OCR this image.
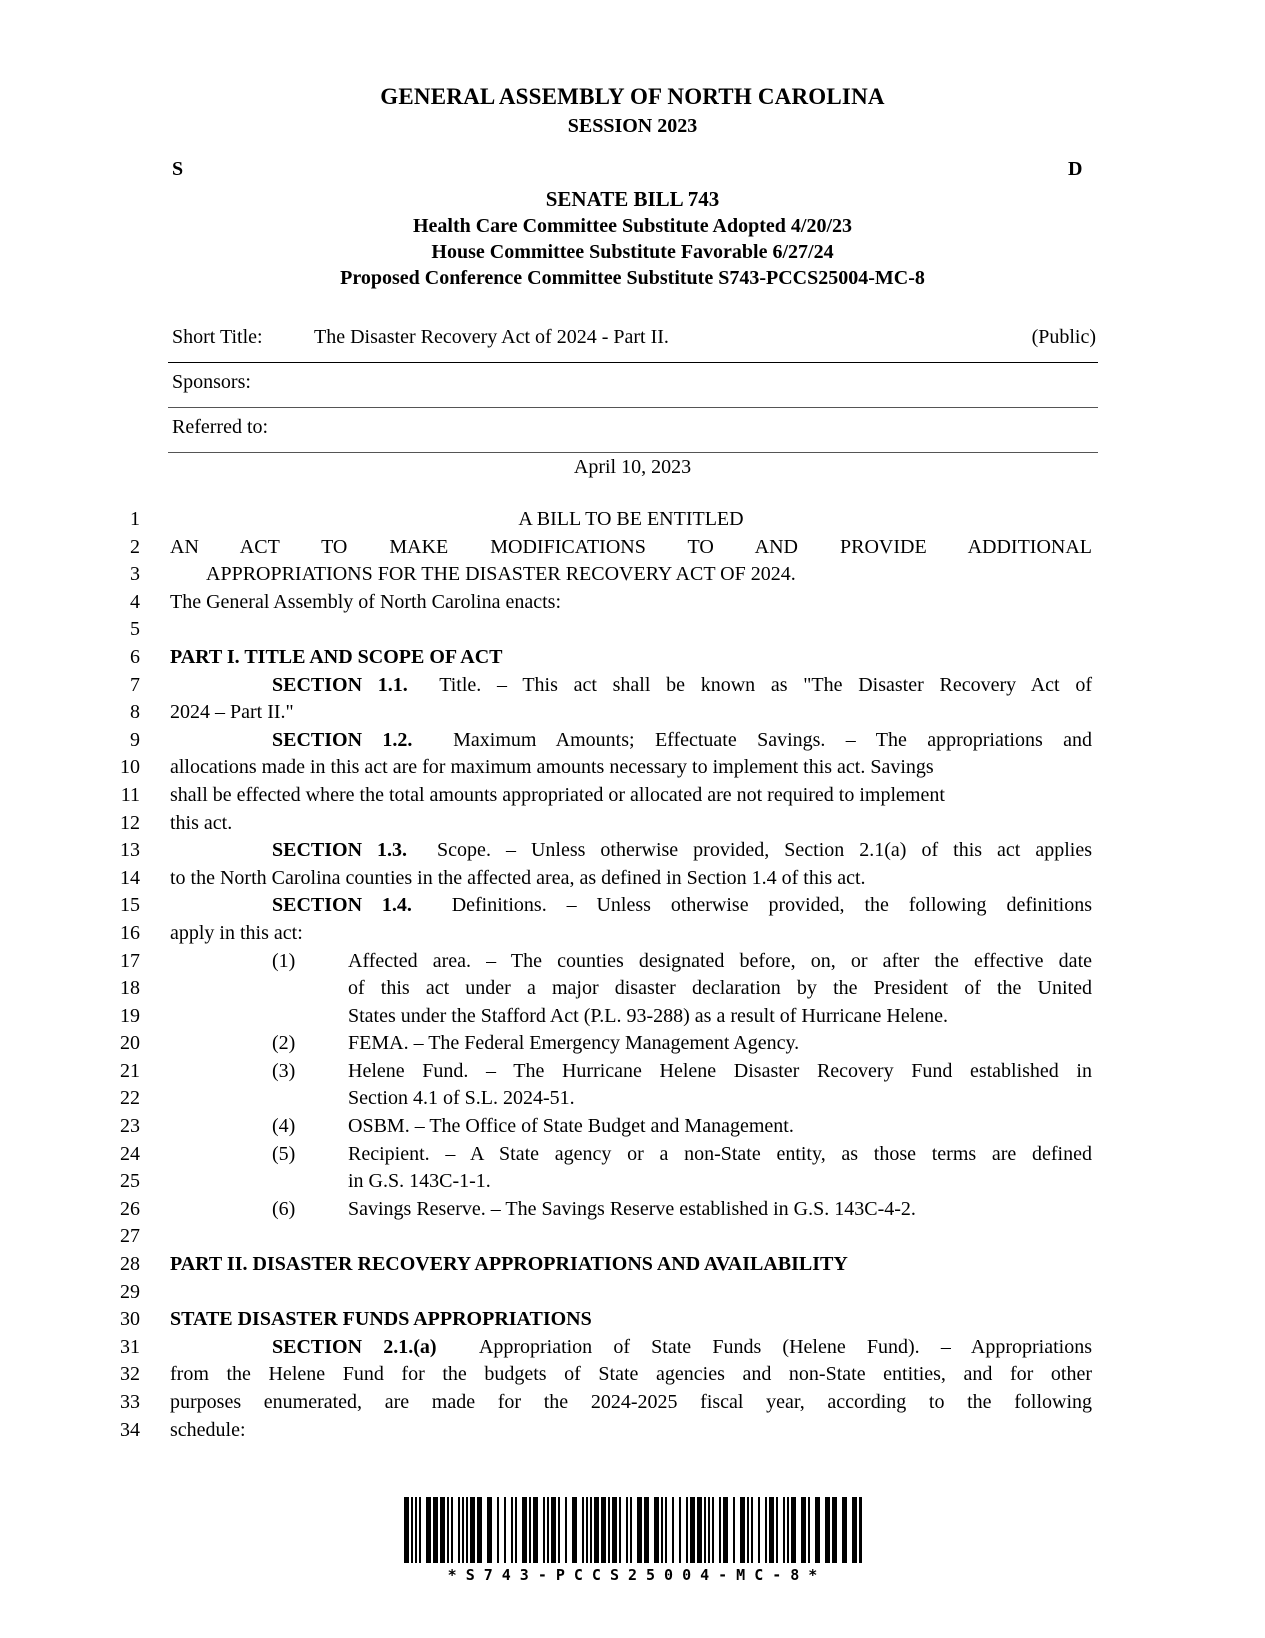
GENERAL ASSEMBLY OF NORTH CAROLINA
SESSION 2023
S	D
SENATE BILL 743
Health Care Committee Substitute Adopted 4/20/23
House Committee Substitute Favorable 6/27/24
Proposed Conference Committee Substitute S743-PCCS25004-MC-8
Short Title:	The Disaster Recovery Act of 2024 - Part II.	(Public)
Sponsors:
Referred to:
April 10, 2023
1	A BILL TO BE ENTITLED
2 AN ACT TO MAKE MODIFICATIONS TO AND PROVIDE ADDITIONAL
3	APPROPRIATIONS FOR THE DISASTER RECOVERY ACT OF 2024.
4 The General Assembly of North Carolina enacts:
5
6 PART I. TITLE AND SCOPE OF ACT
7	SECTION 1.1.  Title. – This act shall be known as "The Disaster Recovery Act of
8 2024 – Part II."
9	SECTION 1.2.  Maximum Amounts; Effectuate Savings. – The appropriations and
10 allocations made in this act are for maximum amounts necessary to implement this act. Savings
11 shall be effected where the total amounts appropriated or allocated are not required to implement
12 this act.
13	SECTION 1.3.  Scope. – Unless otherwise provided, Section 2.1(a) of this act applies
14 to the North Carolina counties in the affected area, as defined in Section 1.4 of this act.
15	SECTION 1.4.  Definitions. – Unless otherwise provided, the following definitions
16 apply in this act:
17	(1)	Affected area. – The counties designated before, on, or after the effective date
18	of this act under a major disaster declaration by the President of the United
19	States under the Stafford Act (P.L. 93-288) as a result of Hurricane Helene.
20	(2)	FEMA. – The Federal Emergency Management Agency.
21	(3)	Helene Fund. – The Hurricane Helene Disaster Recovery Fund established in
22	Section 4.1 of S.L. 2024-51.
23	(4)	OSBM. – The Office of State Budget and Management.
24	(5)	Recipient. – A State agency or a non-State entity, as those terms are defined
25	in G.S. 143C-1-1.
26	(6)	Savings Reserve. – The Savings Reserve established in G.S. 143C-4-2.
27
28 PART II. DISASTER RECOVERY APPROPRIATIONS AND AVAILABILITY
29
30 STATE DISASTER FUNDS APPROPRIATIONS
31	SECTION 2.1.(a)  Appropriation of State Funds (Helene Fund). – Appropriations
32 from the Helene Fund for the budgets of State agencies and non-State entities, and for other
33 purposes enumerated, are made for the 2024-2025 fiscal year, according to the following
34 schedule:
*S743-PCCS25004-MC-8*
